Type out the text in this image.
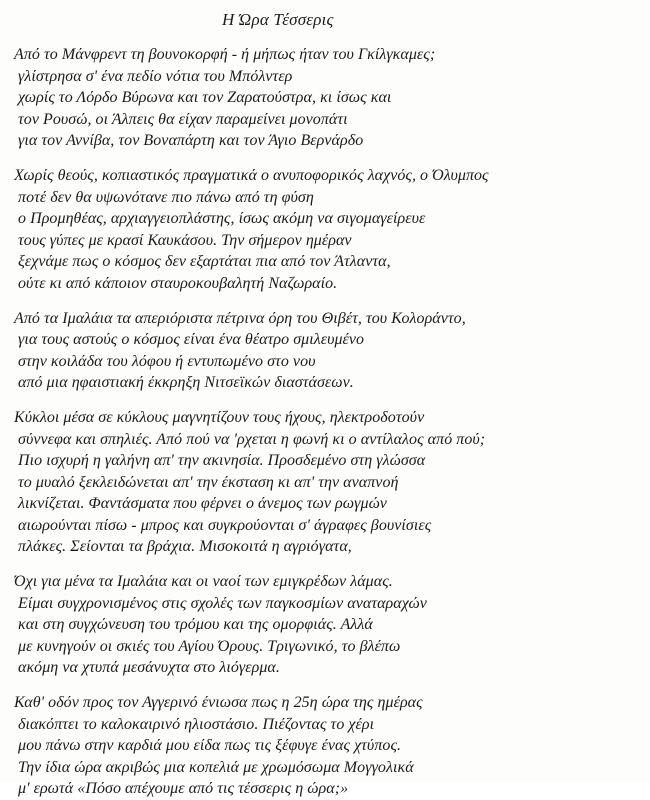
Η Ώρα Τέσσερις
Από το Μάνφρεντ τη βουνοκορφή - ή μήπως ήταν του Γκίλγκαμες;
γλίστρησα σ' ένα πεδίο νότια του Μπόλντερ
χωρίς το Λόρδο Βύρωνα και τον Ζαρατούστρα, κι ίσως και
τον Ρουσώ, οι Άλπεις θα είχαν παραμείνει μονοπάτι
για τον Αννίβα, τον Βοναπάρτη και τον Άγιο Βερνάρδο
Χωρίς θεούς, κοπιαστικός πραγματικά ο ανυποφορικός λαχνός, ο Όλυμπος
ποτέ δεν θα υψωνότανε πιο πάνω από τη φύση
ο Προμηθέας, αρχιαγγειοπλάστης, ίσως ακόμη να σιγομαγείρευε
τους γύπες με κρασί Καυκάσου. Την σήμερον ημέραν
ξεχνάμε πως ο κόσμος δεν εξαρτάται πια από τον Άτλαντα,
ούτε κι από κάποιον σταυροκουβαλητή Ναζωραίο.
Από τα Ιμαλάια τα απεριόριστα πέτρινα όρη του Θιβέτ, του Κολοράντο,
για τους αστούς ο κόσμος είναι ένα θέατρο σμιλευμένο
στην κοιλάδα του λόφου ή εντυπωμένο στο νου
από μια ηφαιστιακή έκκρηξη Νιτσεϊκών διαστάσεων.
Κύκλοι μέσα σε κύκλους μαγνητίζουν τους ήχους, ηλεκτροδοτούν
σύννεφα και σπηλιές. Από πού να 'ρχεται η φωνή κι ο αντίλαλος από πού;
Πιο ισχυρή η γαλήνη απ' την ακινησία. Προσδεμένο στη γλώσσα
το μυαλό ξεκλειδώνεται απ' την έκσταση κι απ' την αναπνοή
λικνίζεται. Φαντάσματα που φέρνει ο άνεμος των ρωγμών
αιωρούνται πίσω - μπρος και συγκρούονται σ' άγραφες βουνίσιες
πλάκες. Σείονται τα βράχια. Μισοκοιτά η αγριόγατα,
Όχι για μένα τα Ιμαλάια και οι ναοί των εμιγκρέδων λάμας.
Είμαι συγχρονισμένος στις σχολές των παγκοσμίων αναταραχών
και στη συγχώνευση του τρόμου και της ομορφιάς. Αλλά
με κυνηγούν οι σκιές του Αγίου Όρους. Τριγωνικό, το βλέπω
ακόμη να χτυπά μεσάνυχτα στο λιόγερμα.
Καθ' οδόν προς τον Αγγερινό ένιωσα πως η 25η ώρα της ημέρας
διακόπτει το καλοκαιρινό ηλιοστάσιο. Πιέζοντας το χέρι
μου πάνω στην καρδιά μου είδα πως τις ξέφυγε ένας χτύπος.
Την ίδια ώρα ακριβώς μια κοπελιά με χρωμόσωμα Μογγολικά
μ' ερωτά «Πόσο απέχουμε από τις τέσσερις η ώρα;»
